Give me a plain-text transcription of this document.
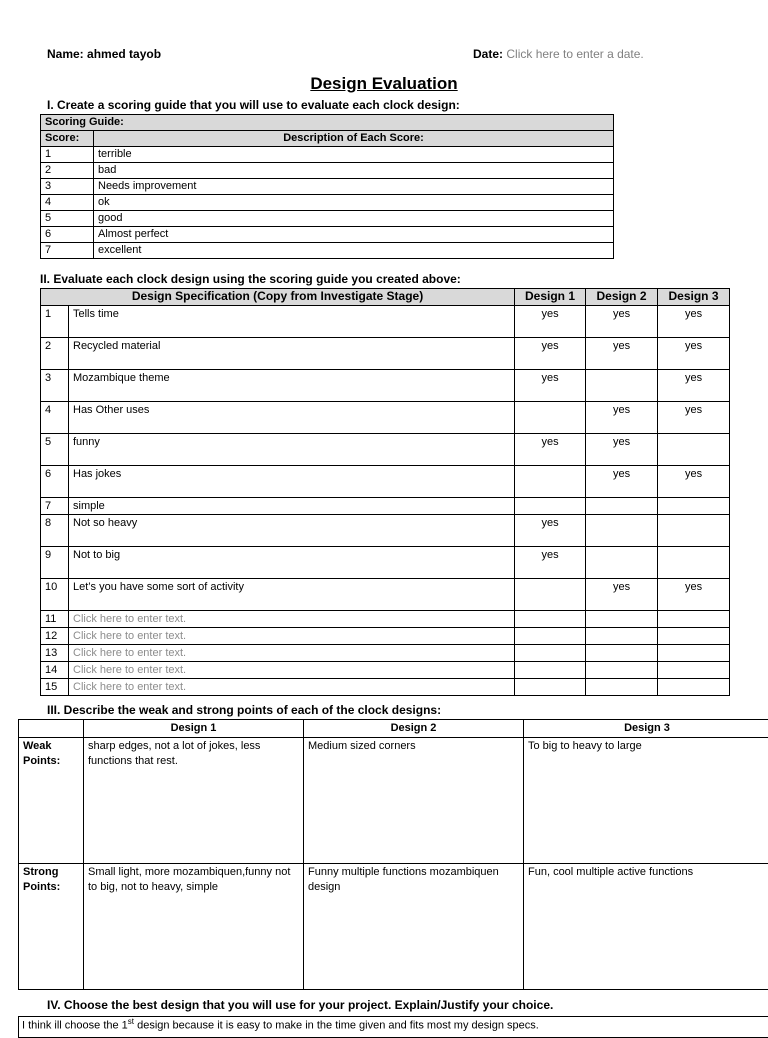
Name: ahmed tayob	Date: Click here to enter a date.
Design Evaluation
I. Create a scoring guide that you will use to evaluate each clock design:
Scoring Guide:	
Score:	Description of Each Score:
1	terrible
2	bad
3	Needs improvement
4	ok
5	good
6	Almost perfect
7	excellent
II. Evaluate each clock design using the scoring guide you created above:
Design Specification (Copy from Investigate Stage)		Design 1	Design 2	Design 3
1	Tells time	yes	yes	yes
2	Recycled material	yes	yes	yes
3	Mozambique theme	yes		yes
4	Has Other uses		yes	yes
5	funny	yes	yes	
6	Has jokes		yes	yes
7	simple			
8	Not so heavy	yes		
9	Not to big	yes		
10	Let’s you have some sort of activity		yes	yes
11	Click here to enter text.			
12	Click here to enter text.			
13	Click here to enter text.			
14	Click here to enter text.			
15	Click here to enter text.			
III. Describe the weak and strong points of each of the clock designs:
	Design 1	Design 2	Design 3
Weak Points:	sharp edges, not a lot of jokes, less functions that rest.	Medium sized corners	To big to heavy to large
Strong Points:	Small light, more mozambiquen,funny not to big, not to heavy, simple	Funny multiple functions mozambiquen design	Fun, cool multiple active functions
IV. Choose the best design that you will use for your project. Explain/Justify your choice.
I think ill choose the 1st design because it is easy to make in the time given and fits most my design specs.
